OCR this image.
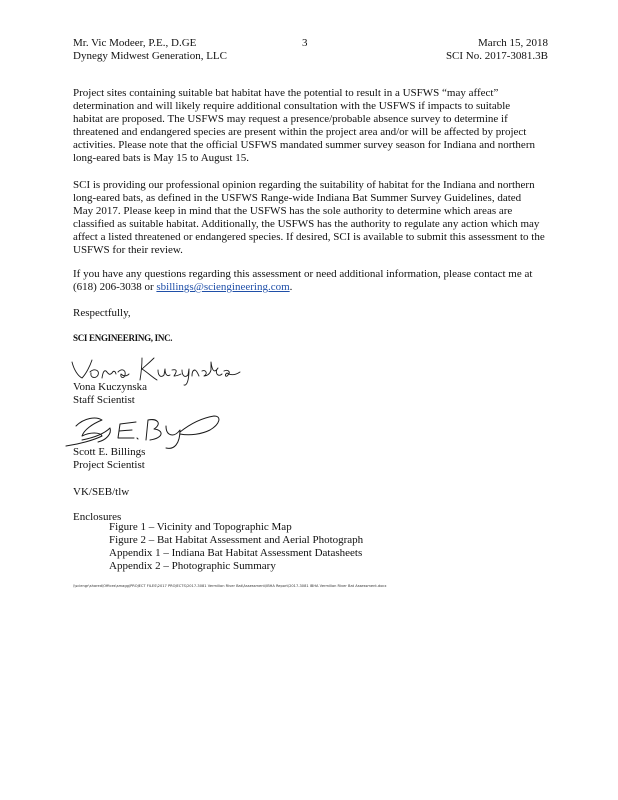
Mr. Vic Modeer, P.E., D.GE
Dynegy Midwest Generation, LLC
3	March 15, 2018
SCI No. 2017-3081.3B

Project sites containing suitable bat habitat have the potential to result in a USFWS “may affect”
determination and will likely require additional consultation with the USFWS if impacts to suitable
habitat are proposed. The USFWS may request a presence/probable absence survey to determine if
threatened and endangered species are present within the project area and/or will be affected by project
activities. Please note that the official USFWS mandated summer survey season for Indiana and northern
long-eared bats is May 15 to August 15.

SCI is providing our professional opinion regarding the suitability of habitat for the Indiana and northern
long-eared bats, as defined in the USFWS Range-wide Indiana Bat Summer Survey Guidelines, dated
May 2017. Please keep in mind that the USFWS has the sole authority to determine which areas are
classified as suitable habitat. Additionally, the USFWS has the authority to regulate any action which may
affect a listed threatened or endangered species. If desired, SCI is available to submit this assessment to the
USFWS for their review.

If you have any questions regarding this assessment or need additional information, please contact me at
(618) 206-3038 or sbillings@sciengineering.com.

Respectfully,
SCI ENGINEERING, INC.
Vona Kuczynska
Staff Scientist
Scott E. Billings
Project Scientist
VK/SEB/tlw
Enclosures
Figure 1 – Vicinity and Topographic Map
Figure 2 – Bat Habitat Assessment and Aerial Photograph
Appendix 1 – Indiana Bat Habitat Assessment Datasheets
Appendix 2 – Photographic Summary
\\sciengr\shared\Offices\smagg\PROJECT FILES\2017 PROJECTS\2017-3081 Vermilion River Bat\Assessment\IBHA Report\2017-3081 IBHA Vermilion River Bat Assessment.docx
